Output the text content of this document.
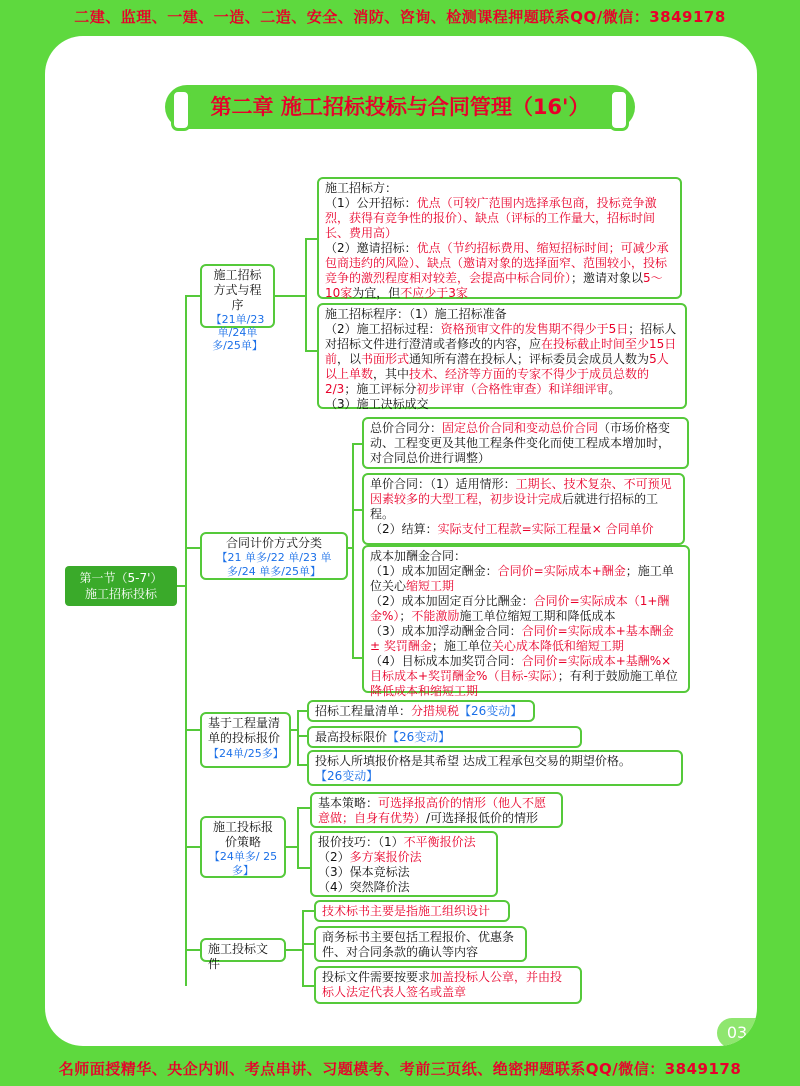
二建、监理、一建、一造、二造、安全、消防、咨询、检测课程押题联系QQ/微信：3849178
第二章 施工招标投标与合同管理（16'）
第一节（5-7'）
施工招标投标
施工招标方式与程序
【21单/23单/24单多/25单】
合同计价方式分类
【21 单多/22 单/23 单多/24 单多/25单】
基于工程量清单的投标报价
【24单/25多】
施工投标报价策略
【24单多/ 25多】
施工投标文件
施工招标方：
（1）公开招标：优点（可较广范围内选择承包商，投标竞争激烈，获得有竞争性的报价）、缺点（评标的工作量大，招标时间长、费用高）
（2）邀请招标：优点（节约招标费用、缩短招标时间；可减少承包商违约的风险）、缺点（邀请对象的选择面窄、范围较小，投标竞争的激烈程度相对较差，会提高中标合同价）；邀请对象以5～10家为宜，但不应少于3家
施工招标程序：（1）施工招标准备
（2）施工招标过程：资格预审文件的发售期不得少于5日；招标人对招标文件进行澄清或者修改的内容，应在投标截止时间至少15日前，以书面形式通知所有潜在投标人；评标委员会成员人数为5人以上单数，其中技术、经济等方面的专家不得少于成员总数的 2/3；施工评标分初步评审（合格性审查）和详细评审。
（3）施工决标成交
总价合同分：固定总价合同和变动总价合同（市场价格变动、工程变更及其他工程条件变化而使工程成本增加时，对合同总价进行调整）
单价合同：（1）适用情形：工期长、技术复杂、不可预见因素较多的大型工程，初步设计完成后就进行招标的工程。
（2）结算：实际支付工程款=实际工程量× 合同单价
成本加酬金合同：
（1）成本加固定酬金：合同价=实际成本+酬金；施工单位关心缩短工期
（2）成本加固定百分比酬金：合同价=实际成本（1+酬金%）；不能激励施工单位缩短工期和降低成本
（3）成本加浮动酬金合同：合同价=实际成本+基本酬金± 奖罚酬金；施工单位关心成本降低和缩短工期
（4）目标成本加奖罚合同：合同价=实际成本+基酬%× 目标成本+奖罚酬金%（目标-实际）；有利于鼓励施工单位降低成本和缩短工期
招标工程量清单：分措规税【26变动】
最高投标限价【26变动】
投标人所填报价格是其希望 达成工程承包交易的期望价格。
【26变动】
基本策略：可选择报高价的情形（他人不愿意做；自身有优势）/可选择报低价的情形
报价技巧：（1）不平衡报价法
（2）多方案报价法
（3）保本竞标法
（4）突然降价法
技术标书主要是指施工组织设计
商务标书主要包括工程报价、优惠条件、对合同条款的确认等内容
投标文件需要按要求加盖投标人公章，并由投标人法定代表人签名或盖章
03
名师面授精华、央企内训、考点串讲、习题模考、考前三页纸、绝密押题联系QQ/微信：3849178
